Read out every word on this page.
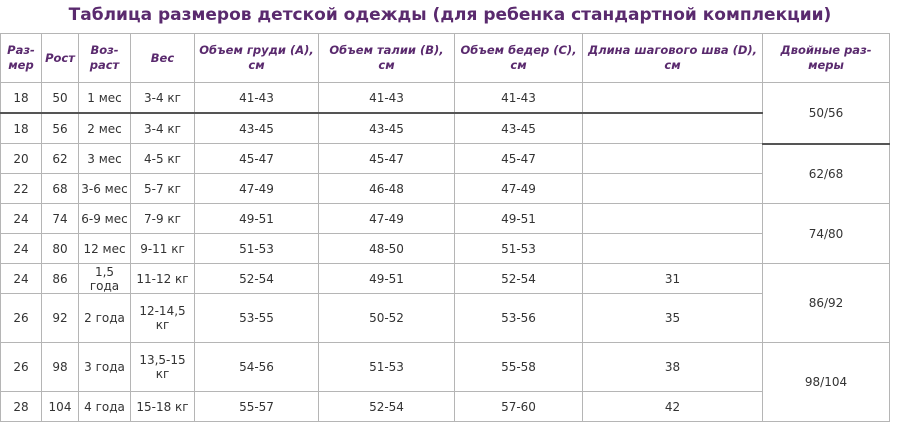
Таблица размеров детской одежды (для ребенка стандартной комплекции)
Раз-мер	Рост	Воз-раст	Вес	Объем груди (A), см	Объем талии (B), см	Объем бедер (C), см	Длина шагового шва (D), см	Двойные раз-меры
18	50	1 мес	3-4 кг	41-43	41-43	41-43		50/56
18	56	2 мес	3-4 кг	43-45	43-45	43-45		
20	62	3 мес	4-5 кг	45-47	45-47	45-47		62/68
22	68	3-6 мес	5-7 кг	47-49	46-48	47-49		
24	74	6-9 мес	7-9 кг	49-51	47-49	49-51		74/80
24	80	12 мес	9-11 кг	51-53	48-50	51-53		
24	86	1,5 года	11-12 кг	52-54	49-51	52-54	31	86/92
26	92	2 года	12-14,5 кг	53-55	50-52	53-56	35	
26	98	3 года	13,5-15 кг	54-56	51-53	55-58	38	98/104
28	104	4 года	15-18 кг	55-57	52-54	57-60	42	
